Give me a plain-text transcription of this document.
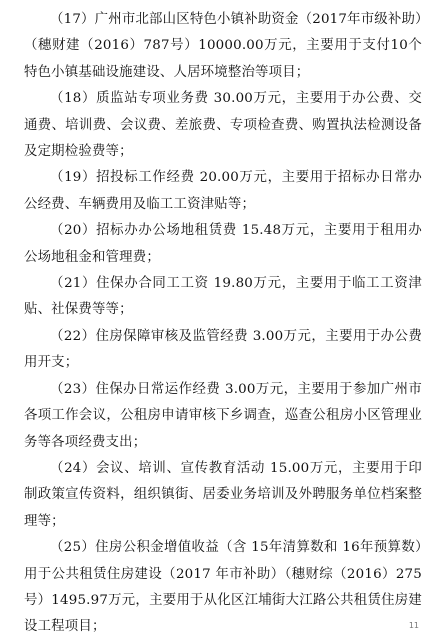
（17）广州市北部山区特色小镇补助资金（2017年市级补助）（穗财建（2016）787号）10000.00万元，主要用于支付10个特色小镇基础设施建设、人居环境整治等项目；

（18）质监站专项业务费 30.00万元，主要用于办公费、交通费、培训费、会议费、差旅费、专项检查费、购置执法检测设备及定期检验费等；

（19）招投标工作经费 20.00万元，主要用于招标办日常办公经费、车辆费用及临工工资津贴等；

（20）招标办办公场地租赁费 15.48万元，主要用于租用办公场地租金和管理费；

（21）住保办合同工工资 19.80万元，主要用于临工工资津贴、社保费等等；

（22）住房保障审核及监管经费 3.00万元，主要用于办公费用开支；

（23）住保办日常运作经费 3.00万元，主要用于参加广州市各项工作会议，公租房申请审核下乡调查，巡查公租房小区管理业务等各项经费支出；

（24）会议、培训、宣传教育活动 15.00万元，主要用于印制政策宣传资料，组织镇街、居委业务培训及外聘服务单位档案整理等；

（25）住房公积金增值收益（含 15年清算数和 16年预算数）用于公共租赁住房建设（2017 年市补助）（穗财综（2016）275号）1495.97万元，主要用于从化区江埔街大江路公共租赁住房建设工程项目；	11
